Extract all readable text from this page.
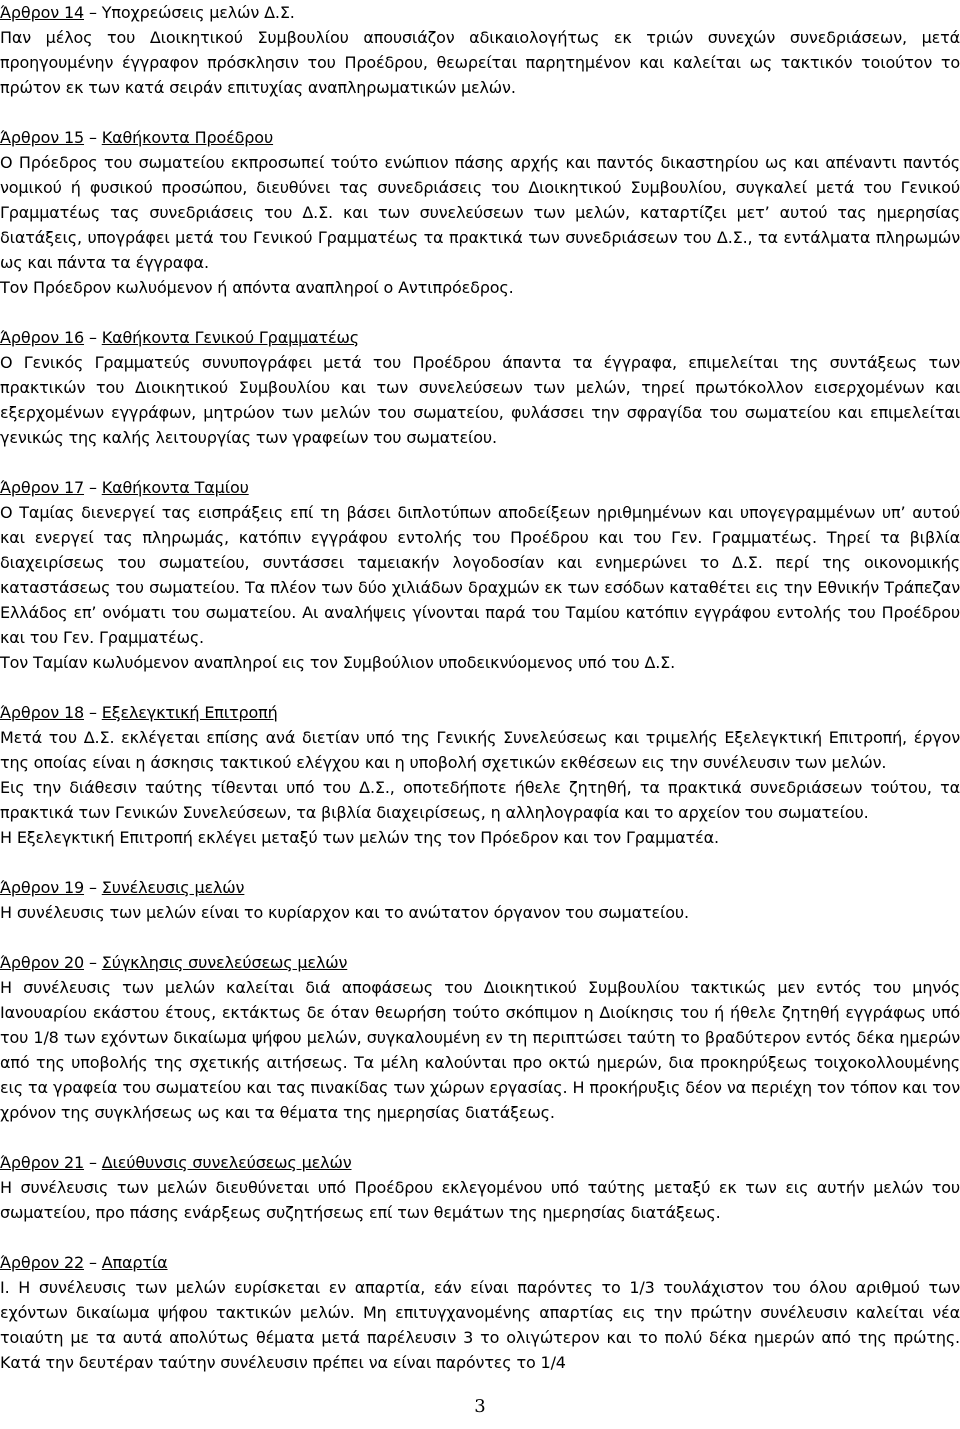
Άρθρον 14 – Υποχρεώσεις μελών Δ.Σ.
Παν μέλος του Διοικητικού Συμβουλίου απουσιάζον αδικαιολογήτως εκ τριών συνεχών συνεδριάσεων, μετά προηγουμένην έγγραφον πρόσκλησιν του Προέδρου, θεωρείται παρητημένον και καλείται ως τακτικόν τοιούτον το πρώτον εκ των κατά σειράν επιτυχίας αναπληρωματικών μελών.
Άρθρον 15 – Καθήκοντα Προέδρου
Ο Πρόεδρος του σωματείου εκπροσωπεί τούτο ενώπιον πάσης αρχής και παντός δικαστηρίου ως και απέναντι παντός νομικού ή φυσικού προσώπου, διευθύνει τας συνεδριάσεις του Διοικητικού Συμβουλίου, συγκαλεί μετά του Γενικού Γραμματέως τας συνεδριάσεις του Δ.Σ. και των συνελεύσεων των μελών, καταρτίζει μετ’ αυτού τας ημερησίας διατάξεις, υπογράφει μετά του Γενικού Γραμματέως τα πρακτικά των συνεδριάσεων του Δ.Σ., τα εντάλματα πληρωμών ως και πάντα τα έγγραφα.
Τον Πρόεδρον κωλυόμενον ή απόντα αναπληροί ο Αντιπρόεδρος.
Άρθρον 16 – Καθήκοντα Γενικού Γραμματέως
Ο Γενικός Γραμματεύς συνυπογράφει μετά του Προέδρου άπαντα τα έγγραφα, επιμελείται της συντάξεως των πρακτικών του Διοικητικού Συμβουλίου και των συνελεύσεων των μελών, τηρεί πρωτόκολλον εισερχομένων και εξερχομένων εγγράφων, μητρώον των μελών του σωματείου, φυλάσσει την σφραγίδα του σωματείου και επιμελείται γενικώς της καλής λειτουργίας των γραφείων του σωματείου.
Άρθρον 17 – Καθήκοντα Ταμίου
Ο Ταμίας διενεργεί τας εισπράξεις επί τη βάσει διπλοτύπων αποδείξεων ηριθμημένων και υπογεγραμμένων υπ’ αυτού και ενεργεί τας πληρωμάς, κατόπιν εγγράφου εντολής του Προέδρου και του Γεν. Γραμματέως. Τηρεί τα βιβλία διαχειρίσεως του σωματείου, συντάσσει ταμειακήν λογοδοσίαν και ενημερώνει το Δ.Σ. περί της οικονομικής καταστάσεως του σωματείου. Τα πλέον των δύο χιλιάδων δραχμών εκ των εσόδων καταθέτει εις την Εθνικήν Τράπεζαν Ελλάδος επ’ ονόματι του σωματείου. Αι αναλήψεις γίνονται παρά του Ταμίου κατόπιν εγγράφου εντολής του Προέδρου και του Γεν. Γραμματέως.
Τον Ταμίαν κωλυόμενον αναπληροί εις τον Συμβούλιον υποδεικνύομενος υπό του Δ.Σ.
Άρθρον 18 – Εξελεγκτική Επιτροπή
Μετά του Δ.Σ. εκλέγεται επίσης ανά διετίαν υπό της Γενικής Συνελεύσεως και τριμελής Εξελεγκτική Επιτροπή, έργον της οποίας είναι η άσκησις τακτικού ελέγχου και η υποβολή σχετικών εκθέσεων εις την συνέλευσιν των μελών.
Εις την διάθεσιν ταύτης τίθενται υπό του Δ.Σ., οποτεδήποτε ήθελε ζητηθή, τα πρακτικά συνεδριάσεων τούτου, τα πρακτικά των Γενικών Συνελεύσεων, τα βιβλία διαχειρίσεως, η αλληλογραφία και το αρχείον του σωματείου.
Η Εξελεγκτική Επιτροπή εκλέγει μεταξύ των μελών της τον Πρόεδρον και τον Γραμματέα.
Άρθρον 19 – Συνέλευσις μελών
Η συνέλευσις των μελών είναι το κυρίαρχον και το ανώτατον όργανον του σωματείου.
Άρθρον 20 – Σύγκλησις συνελεύσεως μελών
Η συνέλευσις των μελών καλείται διά αποφάσεως του Διοικητικού Συμβουλίου τακτικώς μεν εντός του μηνός Ιανουαρίου εκάστου έτους, εκτάκτως δε όταν θεωρήση τούτο σκόπιμον η Διοίκησις του ή ήθελε ζητηθή εγγράφως υπό του 1/8 των εχόντων δικαίωμα ψήφου μελών, συγκαλουμένη εν τη περιπτώσει ταύτη το βραδύτερον εντός δέκα ημερών από της υποβολής της σχετικής αιτήσεως. Τα μέλη καλούνται προ οκτώ ημερών, δια προκηρύξεως τοιχοκολλουμένης εις τα γραφεία του σωματείου και τας πινακίδας των χώρων εργασίας. Η προκήρυξις δέον να περιέχη τον τόπον και τον χρόνον της συγκλήσεως ως και τα θέματα της ημερησίας διατάξεως.
Άρθρον 21 – Διεύθυνσις συνελεύσεως μελών
Η συνέλευσις των μελών διευθύνεται υπό Προέδρου εκλεγομένου υπό ταύτης μεταξύ εκ των εις αυτήν μελών του σωματείου, προ πάσης ενάρξεως συζητήσεως επί των θεμάτων της ημερησίας διατάξεως.
Άρθρον 22 – Απαρτία
Ι. Η συνέλευσις των μελών ευρίσκεται εν απαρτία, εάν είναι παρόντες το 1/3 τουλάχιστον του όλου αριθμού των εχόντων δικαίωμα ψήφου τακτικών μελών. Μη επιτυγχανομένης απαρτίας εις την πρώτην συνέλευσιν καλείται νέα τοιαύτη με τα αυτά απολύτως θέματα μετά παρέλευσιν 3 το ολιγώτερον και το πολύ δέκα ημερών από της πρώτης. Κατά την δευτέραν ταύτην συνέλευσιν πρέπει να είναι παρόντες το 1/4
3
